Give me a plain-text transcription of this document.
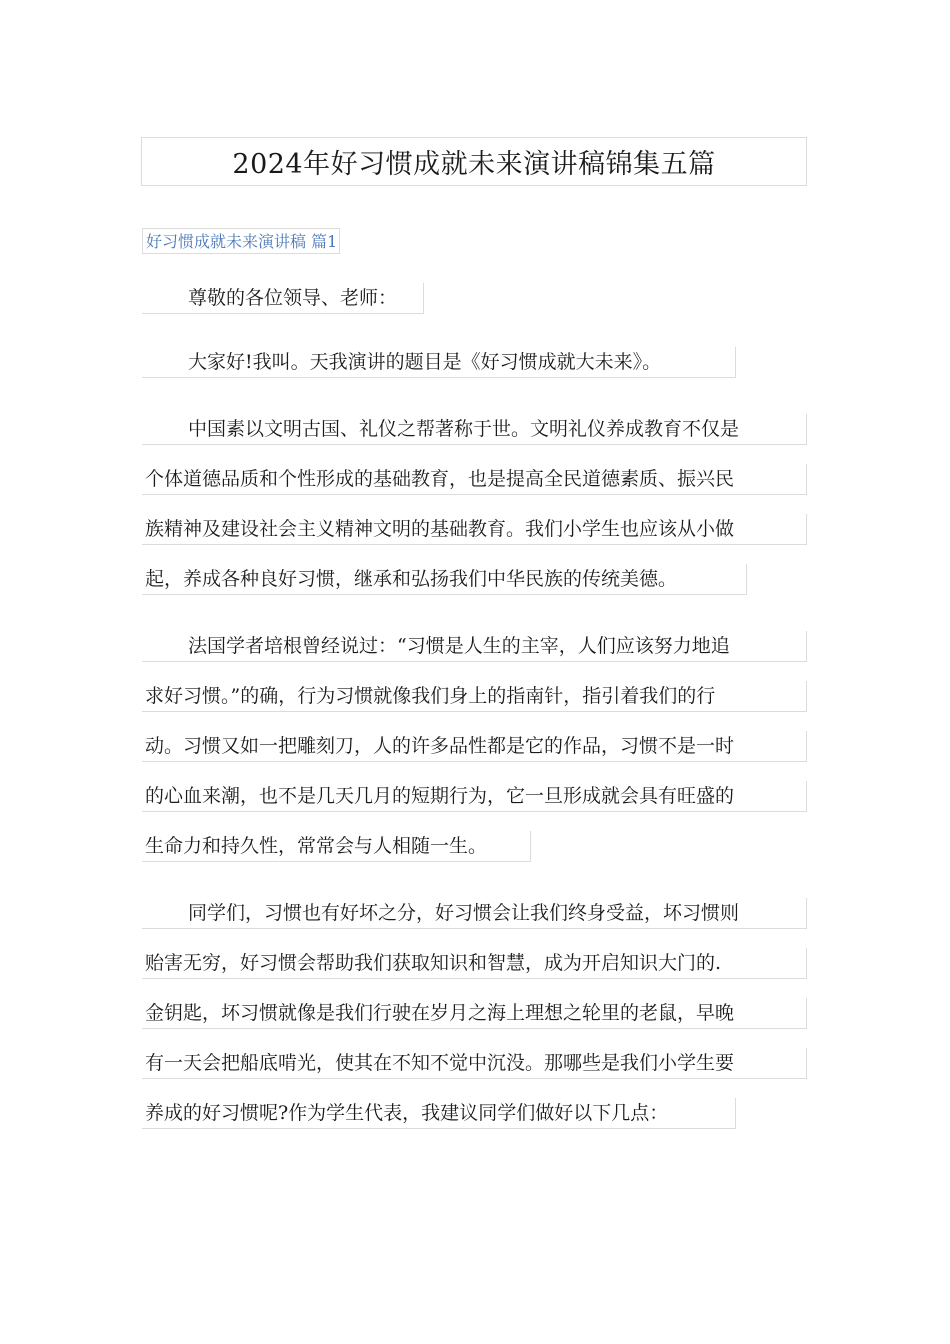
2024年好习惯成就未来演讲稿锦集五篇
好习惯成就未来演讲稿 篇1
尊敬的各位领导、老师：
大家好!我叫。天我演讲的题目是《好习惯成就大未来》。
中国素以文明古国、礼仪之帮著称于世。文明礼仪养成教育不仅是
个体道德品质和个性形成的基础教育，也是提高全民道德素质、振兴民
族精神及建设社会主义精神文明的基础教育。我们小学生也应该从小做
起，养成各种良好习惯，继承和弘扬我们中华民族的传统美德。
法国学者培根曾经说过：“习惯是人生的主宰，人们应该努力地追
求好习惯。”的确，行为习惯就像我们身上的指南针，指引着我们的行
动。习惯又如一把雕刻刀，人的许多品性都是它的作品，习惯不是一时
的心血来潮，也不是几天几月的短期行为，它一旦形成就会具有旺盛的
生命力和持久性，常常会与人相随一生。
同学们，习惯也有好坏之分，好习惯会让我们终身受益，坏习惯则
贻害无穷，好习惯会帮助我们获取知识和智慧，成为开启知识大门的.
金钥匙，坏习惯就像是我们行驶在岁月之海上理想之轮里的老鼠，早晚
有一天会把船底啃光，使其在不知不觉中沉没。那哪些是我们小学生要
养成的好习惯呢?作为学生代表，我建议同学们做好以下几点：
